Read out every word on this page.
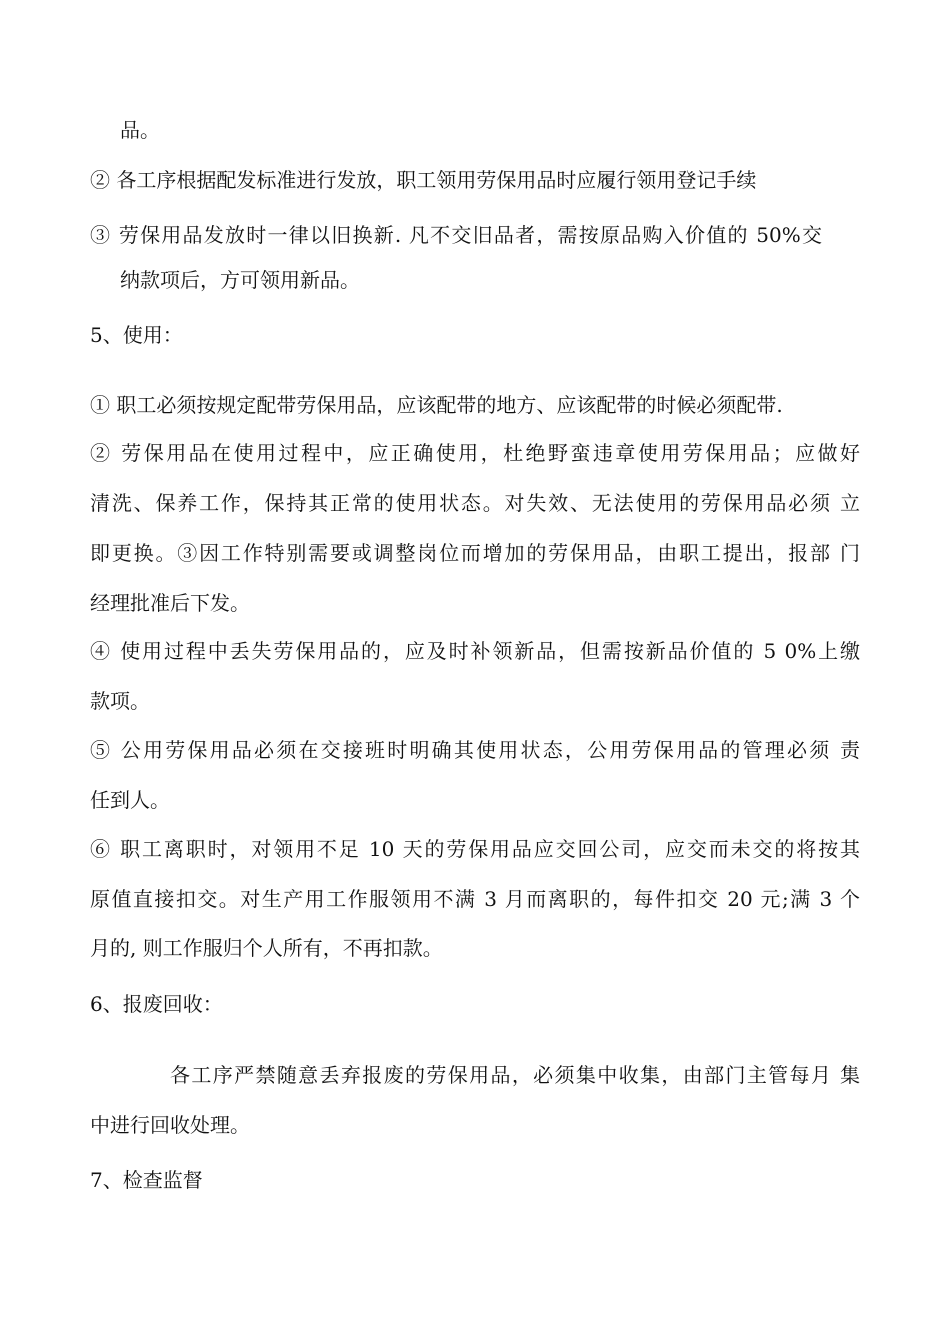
品。
② 各工序根据配发标准进行发放，职工领用劳保用品时应履行领用登记手续
③ 劳保用品发放时一律以旧换新. 凡不交旧品者，需按原品购入价值的 50%交
纳款项后，方可领用新品。
5、使用：
① 职工必须按规定配带劳保用品，应该配带的地方、应该配带的时候必须配带.
② 劳保用品在使用过程中，应正确使用，杜绝野蛮违章使用劳保用品；应做好
清洗、保养工作，保持其正常的使用状态。对失效、无法使用的劳保用品必须 立
即更换。③因工作特别需要或调整岗位而增加的劳保用品，由职工提出，报部 门
经理批准后下发。
④ 使用过程中丢失劳保用品的，应及时补领新品，但需按新品价值的 5 0%上缴
款项。
⑤ 公用劳保用品必须在交接班时明确其使用状态，公用劳保用品的管理必须 责
任到人。
⑥ 职工离职时，对领用不足 10 天的劳保用品应交回公司，应交而未交的将按其
原值直接扣交。对生产用工作服领用不满 3 月而离职的，每件扣交 20 元;满 3 个
月的, 则工作服归个人所有，不再扣款。
6、报废回收：
各工序严禁随意丢弃报废的劳保用品，必须集中收集，由部门主管每月 集
中进行回收处理。
7、检查监督
